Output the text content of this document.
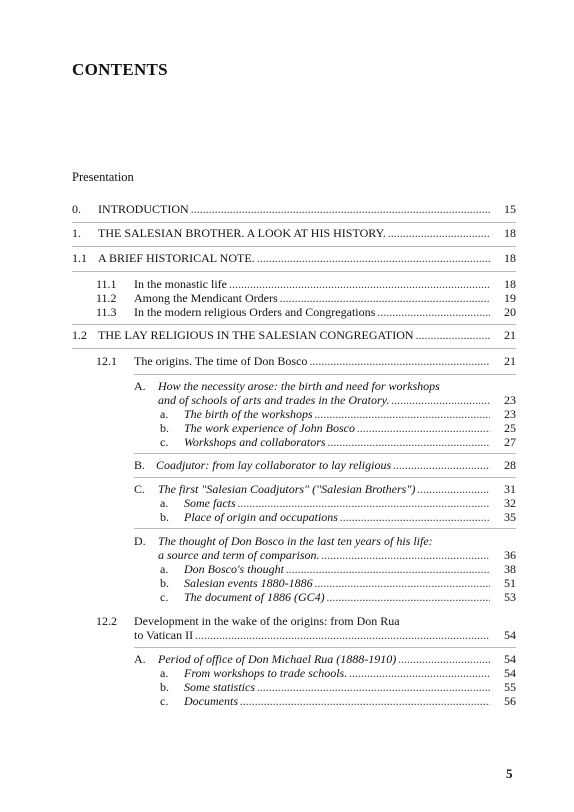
CONTENTS
Presentation
0. INTRODUCTION .....	15
1. THE SALESIAN BROTHER. A LOOK AT HIS HISTORY. .....	18
1.1 A BRIEF HISTORICAL NOTE. .....	18
11.1 In the monastic life .....	18
11.2 Among the Mendicant Orders .....	19
11.3 In the modern religious Orders and Congregations .....	20
1.2 THE LAY RELIGIOUS IN THE SALESIAN CONGREGATION .....	21
12.1 The origins. The time of Don Bosco .....	21
A. How the necessity arose: the birth and need for workshops
and of schools of arts and trades in the Oratory. .....	23
a. The birth of the workshops .....	23
b. The work experience of John Bosco .....	25
c. Workshops and collaborators .....	27
B. Coadjutor: from lay collaborator to lay religious .....	28
C. The first "Salesian Coadjutors" ("Salesian Brothers") .....	31
a. Some facts .....	32
b. Place of origin and occupations .....	35
D. The thought of Don Bosco in the last ten years of his life:
a source and term of comparison. .....	36
a. Don Bosco's thought .....	38
b. Salesian events 1880-1886 .....	51
c. The document of 1886 (GC4) .....	53
12.2 Development in the wake of the origins: from Don Rua
to Vatican II .....	54
A. Period of office of Don Michael Rua (1888-1910) .....	54
a. From workshops to trade schools. .....	54
b. Some statistics .....	55
c. Documents .....	56
5
